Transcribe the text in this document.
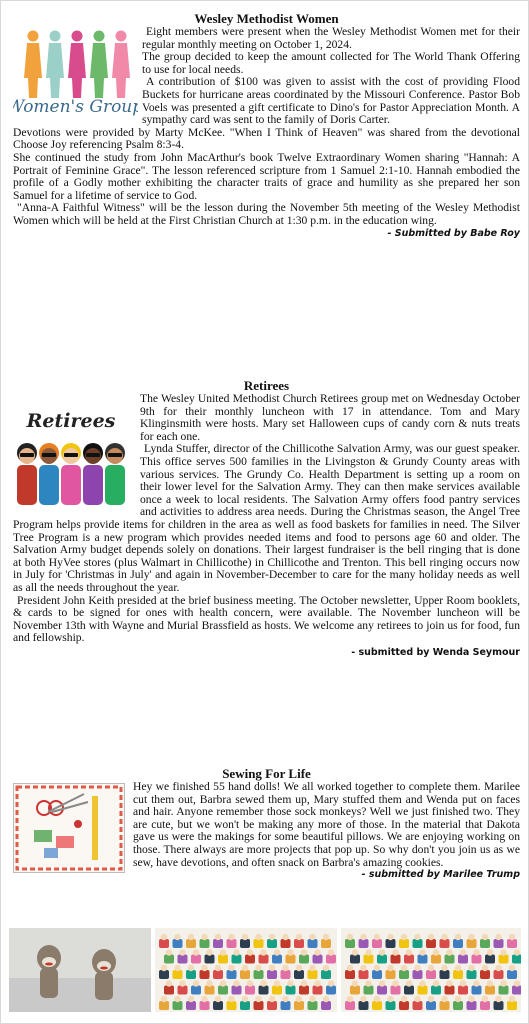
Wesley Methodist Women
Women's Group

Eight members were present when the Wesley Methodist Women met for their regular monthly meeting on October 1, 2024.

The group decided to keep the amount collected for The World Thank Offering to use for local needs.

A contribution of $100 was given to assist with the cost of providing Flood Buckets for hurricane areas coordinated by the Missouri Conference. Pastor Bob Voels was presented a gift certificate to Dino's for Pastor Appreciation Month. A sympathy card was sent to the family of Doris Carter.

Devotions were provided by Marty McKee. "When I Think of Heaven" was shared from the devotional Choose Joy referencing Psalm 8:3-4.

She continued the study from John MacArthur's book Twelve Extraordinary Women sharing "Hannah: A Portrait of Feminine Grace". The lesson referenced scripture from 1 Samuel 2:1-10. Hannah embodied the profile of a Godly mother exhibiting the character traits of grace and humility as she prepared her son Samuel for a lifetime of service to God.

"Anna-A Faithful Witness" will be the lesson during the November 5th meeting of the Wesley Methodist Women which will be held at the First Christian Church at 1:30 p.m. in the education wing.

- Submitted by Babe Roy
Retirees
Retirees

The Wesley United Methodist Church Retirees group met on Wednesday October 9th for their monthly luncheon with 17 in attendance. Tom and Mary Klinginsmith were hosts. Mary set Halloween cups of candy corn & nuts treats for each one.

Lynda Stuffer, director of the Chillicothe Salvation Army, was our guest speaker. This office serves 500 families in the Livingston & Grundy County areas with various services. The Grundy Co. Health Department is setting up a room on their lower level for the Salvation Army. They can then make services available once a week to local residents. The Salvation Army offers food pantry services and activities to address area needs. During the Christmas season, the Angel Tree Program helps provide items for children in the area as well as food baskets for families in need. The Silver Tree Program is a new program which provides needed items and food to persons age 60 and older. The Salvation Army budget depends solely on donations. Their largest fundraiser is the bell ringing that is done at both HyVee stores (plus Walmart in Chillicothe) in Chillicothe and Trenton. This bell ringing occurs now in July for 'Christmas in July' and again in November-December to care for the many holiday needs as well as all the needs throughout the year.

President John Keith presided at the brief business meeting. The October newsletter, Upper Room booklets, & cards to be signed for ones with health concern, were available. The November luncheon will be November 13th with Wayne and Murial Brassfield as hosts. We welcome any retirees to join us for food, fun and fellowship.

- submitted by Wenda Seymour
Sewing For Life

Hey we finished 55 hand dolls! We all worked together to complete them. Marilee cut them out, Barbra sewed them up, Mary stuffed them and Wenda put on faces and hair. Anyone remember those sock monkeys? Well we just finished two. They are cute, but we won't be making any more of those. In the material that Dakota gave us were the makings for some beautiful pillows. We are enjoying working on those. There always are more projects that pop up. So why don't you join us as we sew, have devotions, and often snack on Barbra's amazing cookies.

- submitted by Marilee Trump
